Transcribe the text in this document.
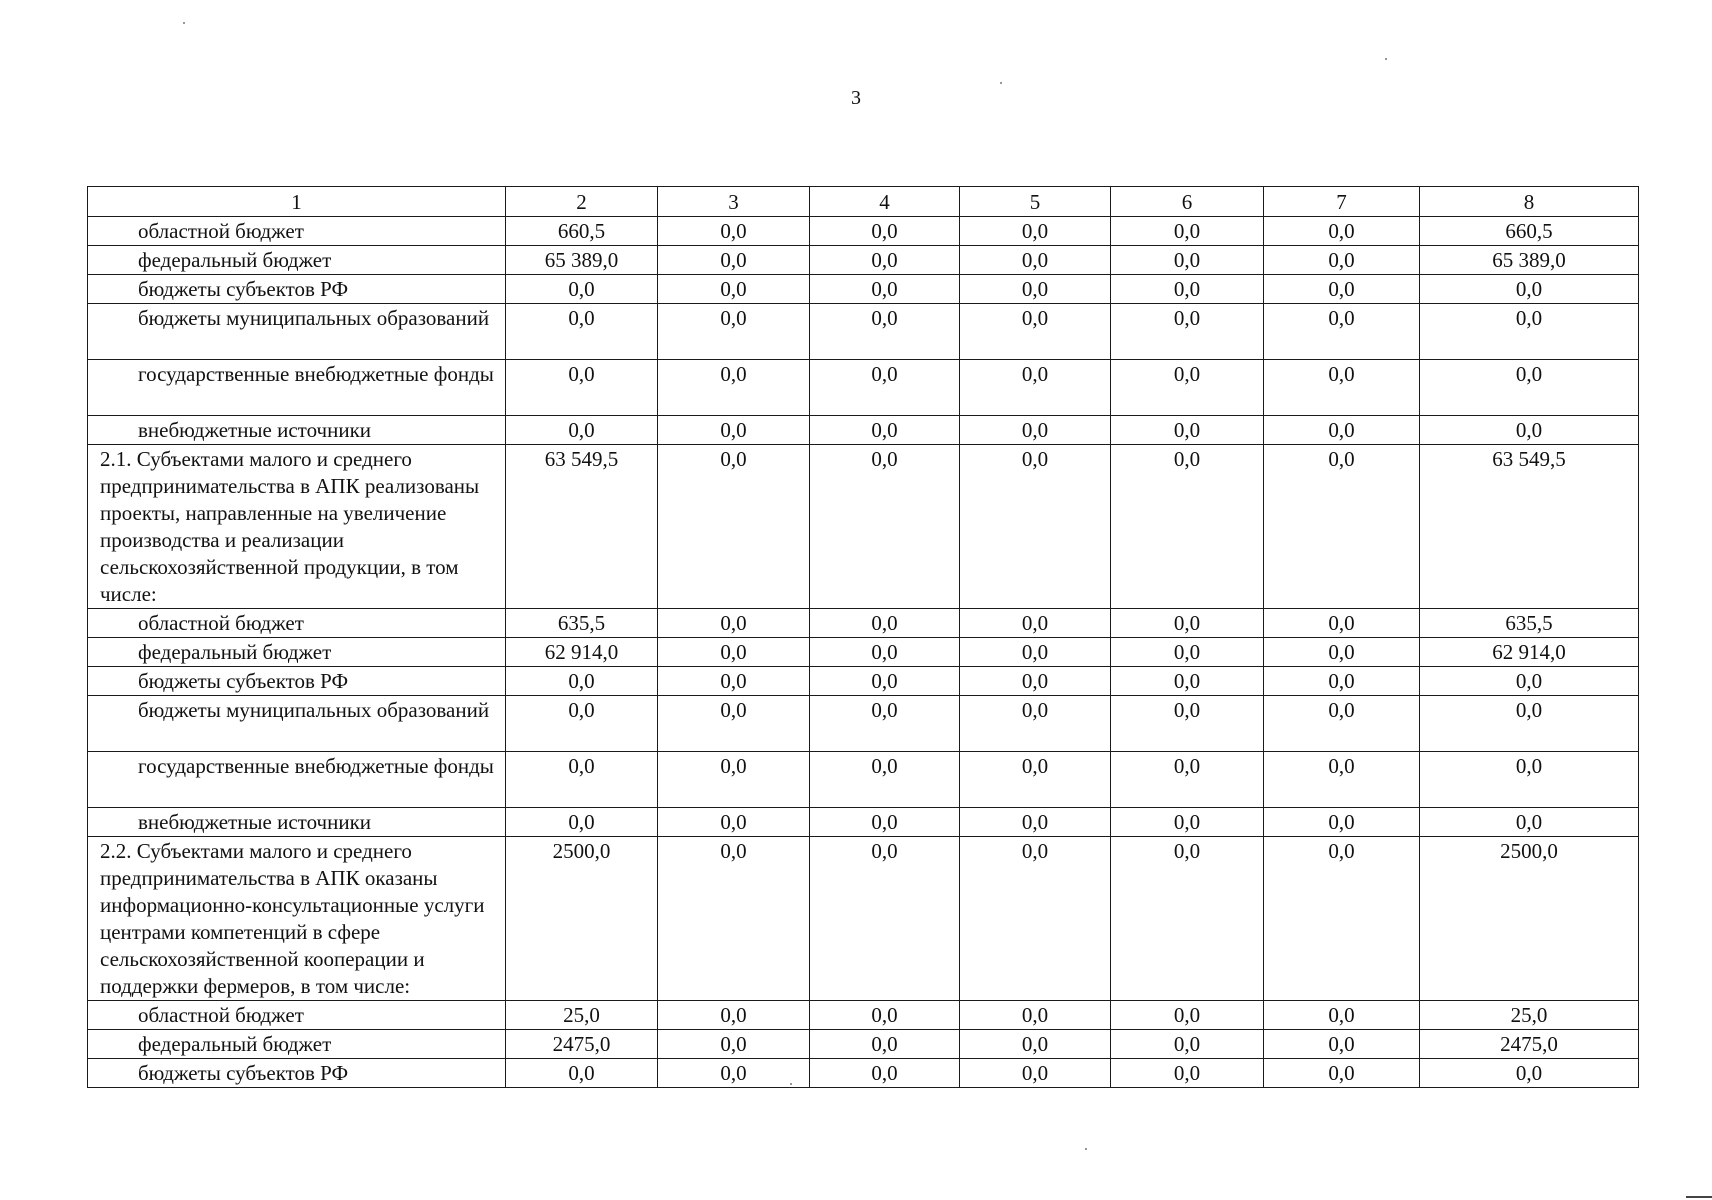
3
1	2	3	4	5	6	7	8
областной бюджет	660,5	0,0	0,0	0,0	0,0	0,0	660,5
федеральный бюджет	65 389,0	0,0	0,0	0,0	0,0	0,0	65 389,0
бюджеты субъектов РФ	0,0	0,0	0,0	0,0	0,0	0,0	0,0
бюджеты муниципальных образований	0,0	0,0	0,0	0,0	0,0	0,0	0,0
государственные внебюджетные фонды	0,0	0,0	0,0	0,0	0,0	0,0	0,0
внебюджетные источники	0,0	0,0	0,0	0,0	0,0	0,0	0,0
2.1. Субъектами малого и среднего предпринимательства в АПК реализованы проекты, направленные на увеличение производства и реализации сельскохозяйственной продукции, в том числе:	63 549,5	0,0	0,0	0,0	0,0	0,0	63 549,5
областной бюджет	635,5	0,0	0,0	0,0	0,0	0,0	635,5
федеральный бюджет	62 914,0	0,0	0,0	0,0	0,0	0,0	62 914,0
бюджеты субъектов РФ	0,0	0,0	0,0	0,0	0,0	0,0	0,0
бюджеты муниципальных образований	0,0	0,0	0,0	0,0	0,0	0,0	0,0
государственные внебюджетные фонды	0,0	0,0	0,0	0,0	0,0	0,0	0,0
внебюджетные источники	0,0	0,0	0,0	0,0	0,0	0,0	0,0
2.2. Субъектами малого и среднего предпринимательства в АПК оказаны информационно-консультационные услуги центрами компетенций в сфере сельскохозяйственной кооперации и поддержки фермеров, в том числе:	2500,0	0,0	0,0	0,0	0,0	0,0	2500,0
областной бюджет	25,0	0,0	0,0	0,0	0,0	0,0	25,0
федеральный бюджет	2475,0	0,0	0,0	0,0	0,0	0,0	2475,0
бюджеты субъектов РФ	0,0	0,0	0,0	0,0	0,0	0,0	0,0
